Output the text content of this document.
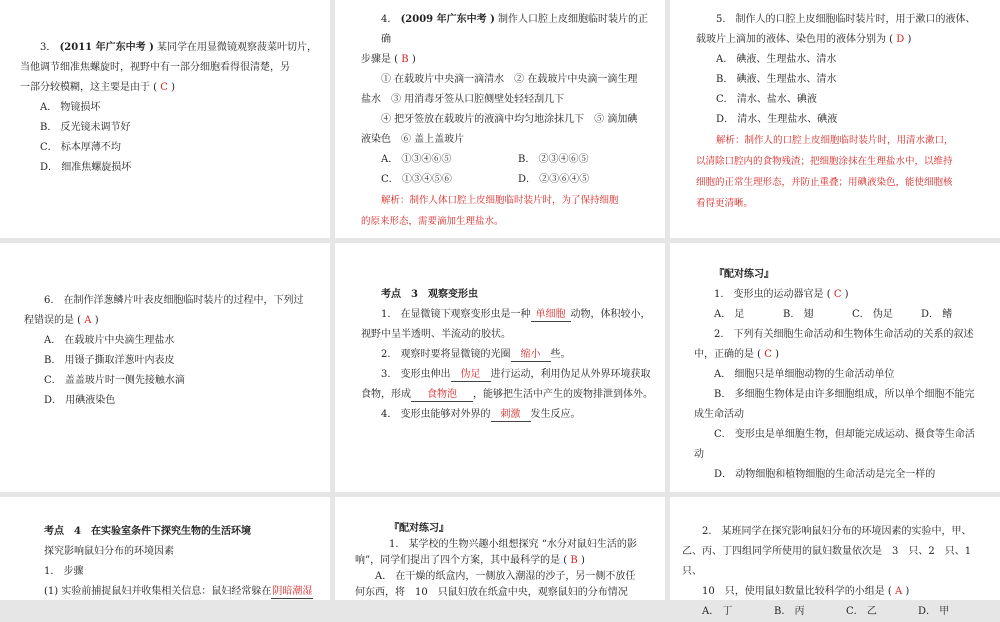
3． (2011 年广东中考 ) 某同学在用显微镜观察菠菜叶切片，

当他调节细准焦螺旋时，视野中有一部分细胞看得很清楚，另

一部分较模糊，这主要是由于 ( C )

A． 物镜损坏

B． 反光镜未调节好

C． 标本厚薄不均

D． 细准焦螺旋损坏

4． (2009 年广东中考 ) 制作人口腔上皮细胞临时装片的正确

步骤是 ( B )

① 在载玻片中央滴一滴清水　② 在载玻片中央滴一滴生理

盐水　③ 用消毒牙签从口腔侧壁处轻轻刮几下

④ 把牙签放在载玻片的液滴中均匀地涂抹几下　⑤ 滴加碘

液染色　⑥ 盖上盖玻片

A． ①③④⑥⑤	B． ②③④⑥⑤
C． ①③④⑤⑥	D． ②③⑥④⑤

解析：制作人体口腔上皮细胞临时装片时，为了保持细胞

的原来形态，需要滴加生理盐水。

5． 制作人的口腔上皮细胞临时装片时，用于漱口的液体、

载玻片上滴加的液体、染色用的液体分别为 ( D )

A． 碘液、生理盐水、清水

B． 碘液、生理盐水、清水

C． 清水、盐水、碘液

D． 清水、生理盐水、碘液

解析：制作人的口腔上皮细胞临时装片时，用清水漱口，

以清除口腔内的食物残渣；把细胞涂抹在生理盐水中，以维持

细胞的正常生理形态，并防止重叠；用碘液染色，能使细胞核

看得更清晰。

6． 在制作洋葱鳞片叶表皮细胞临时装片的过程中，下列过

程错误的是 ( A )

A． 在载玻片中央滴生理盐水

B． 用镊子撕取洋葱叶内表皮

C． 盖盖玻片时一侧先接触水滴

D． 用碘液染色

考点　3　观察变形虫

1． 在显微镜下观察变形虫是一种 单细胞 动物，体积较小，

视野中呈半透明、半流动的胶状。

2． 观察时要将显微镜的光圈 缩小 些。

3． 变形虫伸出 伪足 进行运动，利用伪足从外界环境获取

食物，形成 食物泡 ，能够把生活中产生的废物排泄到体外。

4． 变形虫能够对外界的 刺激 发生反应。

『配对练习』

1． 变形虫的运动器官是 ( C )

A． 足	B． 翅	C． 伪足	D． 鳍

2． 下列有关细胞生命活动和生物体生命活动的关系的叙述

中，正确的是 ( C )

A． 细胞只是单细胞动物的生命活动单位

B． 多细胞生物体是由许多细胞组成，所以单个细胞不能完

成生命活动

C． 变形虫是单细胞生物，但却能完成运动、摄食等生命活

动

D． 动物细胞和植物细胞的生命活动是完全一样的

考点　4　在实验室条件下探究生物的生活环境

探究影响鼠妇分布的环境因素

1． 步骤

(1) 实验前捕捉鼠妇并收集相关信息：鼠妇经常躲在阴暗潮湿

『配对练习』

1． 某学校的生物兴趣小组想探究 “水分对鼠妇生活的影

响”，同学们提出了四个方案，其中最科学的是 ( B )

A． 在干燥的纸盒内，一侧放入潮湿的沙子，另一侧不放任

何东西，将　10　只鼠妇放在纸盒中央，观察鼠妇的分布情况

2． 某班同学在探究影响鼠妇分布的环境因素的实验中，甲、

乙、丙、丁四组同学所使用的鼠妇数量依次是　3　只、2　只、1　只、

10　只，使用鼠妇数量比较科学的小组是 ( A )

A． 丁	B． 丙	C． 乙	D． 甲
